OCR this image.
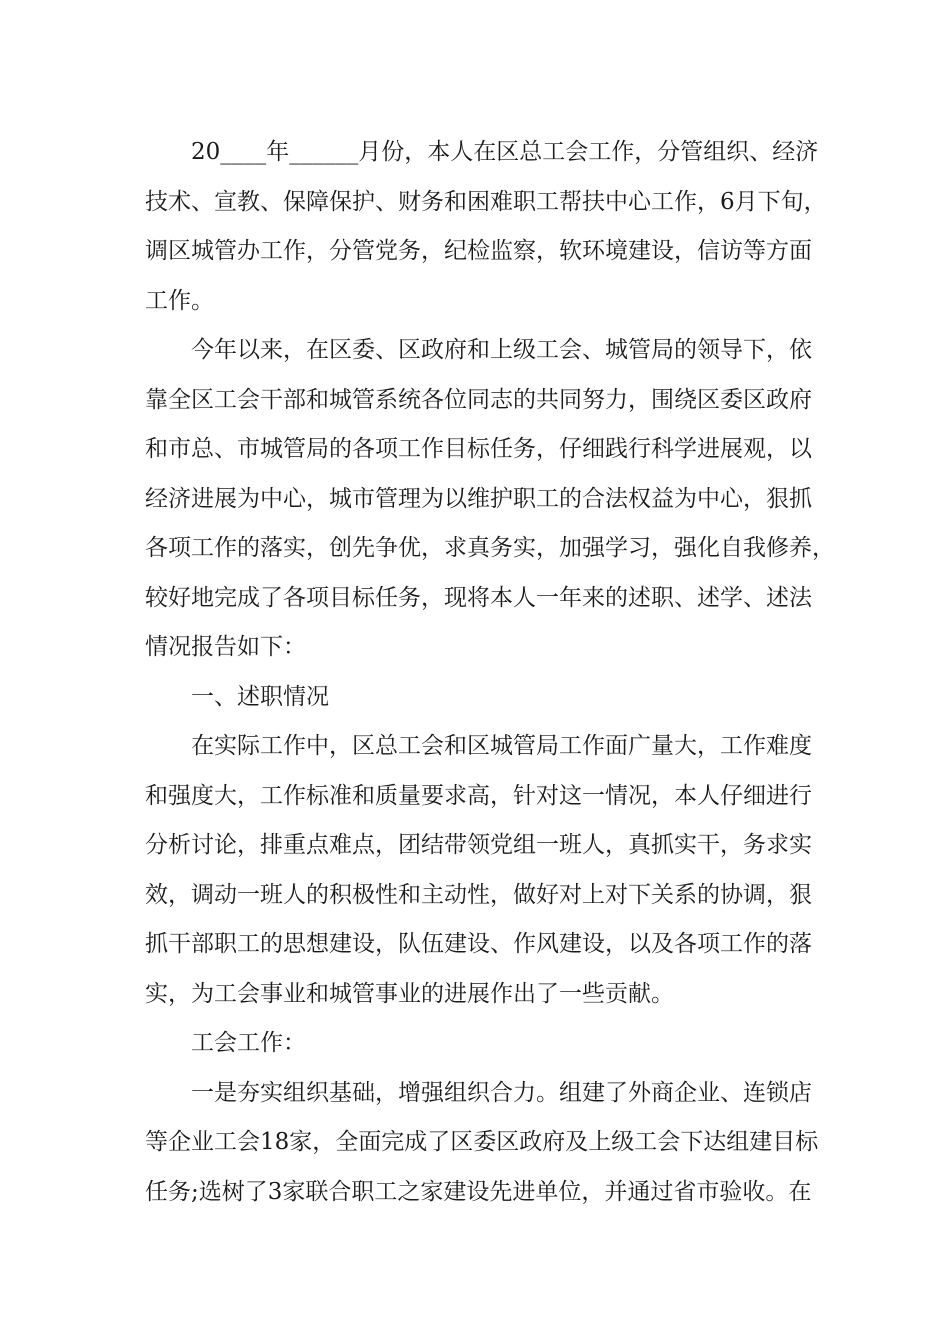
20____年______月份，本人在区总工会工作，分管组织、经济
技术、宣教、保障保护、财务和困难职工帮扶中心工作，6月下旬，
调区城管办工作，分管党务，纪检监察，软环境建设，信访等方面
工作。
今年以来，在区委、区政府和上级工会、城管局的领导下，依
靠全区工会干部和城管系统各位同志的共同努力，围绕区委区政府
和市总、市城管局的各项工作目标任务，仔细践行科学进展观，以
经济进展为中心，城市管理为以维护职工的合法权益为中心，狠抓
各项工作的落实，创先争优，求真务实，加强学习，强化自我修养，
较好地完成了各项目标任务，现将本人一年来的述职、述学、述法
情况报告如下：
一、述职情况
在实际工作中，区总工会和区城管局工作面广量大，工作难度
和强度大，工作标准和质量要求高，针对这一情况，本人仔细进行
分析讨论，排重点难点，团结带领党组一班人，真抓实干，务求实
效，调动一班人的积极性和主动性，做好对上对下关系的协调，狠
抓干部职工的思想建设，队伍建设、作风建设，以及各项工作的落
实，为工会事业和城管事业的进展作出了一些贡献。
工会工作：
一是夯实组织基础，增强组织合力。组建了外商企业、连锁店
等企业工会18家，全面完成了区委区政府及上级工会下达组建目标
任务;选树了3家联合职工之家建设先进单位，并通过省市验收。在
